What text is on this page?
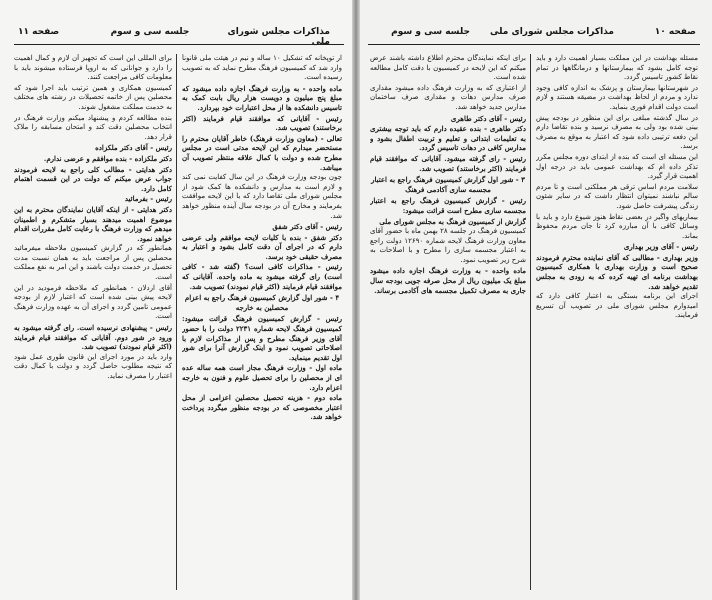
صفحه ۱۱	مذاکرات مجلس شورای ملی
جلسه سی و سوم

ار توپخانه که تشکیل ۱۰ ساله و نیم در هیئت ملی قانوناً وارد شد که کمیسیون فرهنگ مطرح نماید که به تصویب رسیده است.

ماده واحده - به وزارت فرهنگ اجازه داده میشود که مبلغ پنج میلیون و دویست هزار ریال بابت کمک به تاسیس دانشکده ها از محل اعتبارات خود بپردازد.

رئیس - آقایانی که موافقند قیام فرمایند (اکثر برخاستند) تصویب شد.

تعالی - (معاون وزارت فرهنگ) خاطر آقایان محترم را مستحضر میدارم که این لایحه مدتی است در مجلس مطرح شده و دولت با کمال علاقه منتظر تصویب آن میباشد.

چون بودجه وزارت فرهنگ در این سال کفایت نمی کند و لازم است به مدارس و دانشکده ها کمک شود از مجلس شورای ملی تقاضا دارد که با این لایحه موافقت بفرمایند و مخارج آن در بودجه سال آینده منظور خواهد شد.

رئیس - آقای دکتر شفق

دکتر شفق - بنده با کلیات لایحه موافقم ولی عرضی دارم که در اجرای آن دقت کامل بشود و اعتبار به مصرف حقیقی خود برسد.

رئیس - مذاکرات کافی است؟ (گفته شد - کافی است) رای گرفته میشود به ماده واحده. آقایانی که موافقند قیام فرمایند (اکثر قیام نمودند) تصویب شد.

۴ - شور اول گزارش کمیسیون فرهنگ راجع به اعزام محصلین به خارجه

رئیس - گزارش کمیسیون فرهنگ قرائت میشود: کمیسیون فرهنگ لایحه شماره ۲۲۳۱ دولت را با حضور آقای وزیر فرهنگ مطرح و پس از مذاکرات لازم با اصلاحاتی تصویب نمود و اینک گزارش آنرا برای شور اول تقدیم مینماید.

ماده اول - وزارت فرهنگ مجاز است همه ساله عده ای از محصلین را برای تحصیل علوم و فنون به خارجه اعزام دارد.

ماده دوم - هزینه تحصیل محصلین اعزامی از محل اعتبار مخصوصی که در بودجه منظور میگردد پرداخت خواهد شد.

برای المللی این است که تجهیز آن لازم و کمال اهمیت را دارد و جوانانی که به اروپا فرستاده میشوند باید با معلومات کافی مراجعت کنند.

کمیسیون همکاری و همین ترتیب باید اجرا شود که محصلین پس از خاتمه تحصیلات در رشته های مختلف به خدمت مملکت مشغول شوند.

بنده مطالعه کردم و پیشنهاد میکنم وزارت فرهنگ در انتخاب محصلین دقت کند و امتحان مسابقه را ملاک قرار دهد.

رئیس - آقای دکتر ملکزاده

دکتر ملکزاده - بنده موافقم و عرضی ندارم.

دکتر هدایتی - مطالب کلی راجع به لایحه فرمودند جواب عرض میکنم که دولت در این قسمت اهتمام کامل دارد.

رئیس - بفرمائید

دکتر هدایتی - از اینکه آقایان نمایندگان محترم به این موضوع اهمیت میدهند بسیار متشکرم و اطمینان میدهم که وزارت فرهنگ با رعایت کامل مقررات اقدام خواهد نمود.

همانطور که در گزارش کمیسیون ملاحظه میفرمائید محصلین پس از مراجعت باید به همان نسبت مدت تحصیل در خدمت دولت باشند و این امر به نفع مملکت است.

آقای اردلان - همانطور که ملاحظه فرمودید در این لایحه پیش بینی شده است که اعتبار لازم از بودجه عمومی تامین گردد و اجرای آن به عهده وزارت فرهنگ است.

رئیس - پیشنهادی نرسیده است. رای گرفته میشود به ورود در شور دوم. آقایانی که موافقند قیام فرمایند (اکثر قیام نمودند) تصویب شد.

وارد باید در مورد اجرای این قانون طوری عمل شود که نتیجه مطلوب حاصل گردد و دولت با کمال دقت اعتبار را مصرف نماید.

صفحه ۱۰
مذاکرات مجلس شورای ملی
جلسه سی و سوم

مسئله بهداشت در این مملکت بسیار اهمیت دارد و باید توجه کامل بشود که بیمارستانها و درمانگاهها در تمام نقاط کشور تاسیس گردد.

در شهرستانها بیمارستان و پزشک به اندازه کافی وجود ندارد و مردم از لحاظ بهداشت در مضیقه هستند و لازم است دولت اقدام فوری بنماید.

در سال گذشته مبلغی برای این منظور در بودجه پیش بینی شده بود ولی به مصرف نرسید و بنده تقاضا دارم این دفعه ترتیبی داده شود که اعتبار به موقع به مصرف برسد.

این مسئله ای است که بنده از ابتدای دوره مجلس مکرر تذکر داده ام که بهداشت عمومی باید در درجه اول اهمیت قرار گیرد.

سلامت مردم اساس ترقی هر مملکتی است و تا مردم سالم نباشند نمیتوان انتظار داشت که در سایر شئون زندگی پیشرفت حاصل شود.

بیماریهای واگیر در بعضی نقاط هنوز شیوع دارد و باید با وسائل کافی با آن مبارزه کرد تا جان مردم محفوظ بماند.

رئیس - آقای وزیر بهداری

وزیر بهداری - مطالبی که آقای نماینده محترم فرمودند صحیح است و وزارت بهداری با همکاری کمیسیون بهداشت برنامه ای تهیه کرده که به زودی به مجلس تقدیم خواهد شد.

اجرای این برنامه بستگی به اعتبار کافی دارد که امیدوارم مجلس شورای ملی در تصویب آن تسریع فرمایند.

برای اینکه نمایندگان محترم اطلاع داشته باشند عرض میکنم که این لایحه در کمیسیون با دقت کامل مطالعه شده است.

از اعتباری که به وزارت فرهنگ داده میشود مقداری صرف مدارس دهات و مقداری صرف ساختمان مدارس جدید خواهد شد.

رئیس - آقای دکتر طاهری

دکتر طاهری - بنده عقیده دارم که باید توجه بیشتری به تعلیمات ابتدائی و تعلیم و تربیت اطفال بشود و مدارس کافی در دهات تاسیس گردد.

رئیس - رای گرفته میشود. آقایانی که موافقند قیام فرمایند (اکثر برخاستند) تصویب شد.

۳ - شور اول گزارش کمیسیون فرهنگ راجع به اعتبار مجسمه سازی آکادمی فرهنگ

رئیس - گزارش کمیسیون فرهنگ راجع به اعتبار مجسمه سازی مطرح است قرائت میشود:

گزارش از کمیسیون فرهنگ به مجلس شورای ملی

کمیسیون فرهنگ در جلسه ۲۸ بهمن ماه با حضور آقای معاون وزارت فرهنگ لایحه شماره ۱۲۶۹۰ دولت راجع به اعتبار مجسمه سازی را مطرح و با اصلاحات به شرح زیر تصویب نمود.

ماده واحده - به وزارت فرهنگ اجازه داده میشود مبلغ یک میلیون ریال از محل صرفه جویی بودجه سال جاری به مصرف تکمیل مجسمه های آکادمی برساند.
